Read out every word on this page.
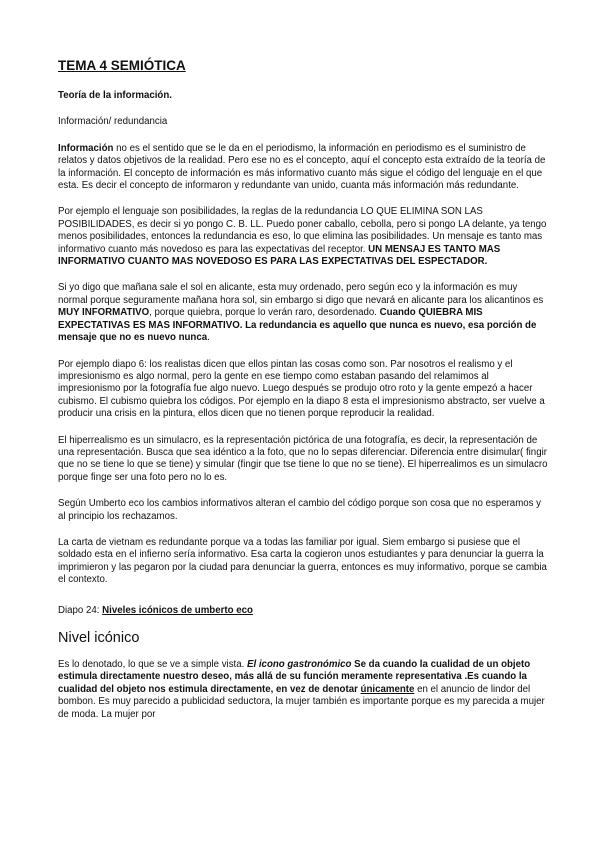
TEMA 4 SEMIÓTICA

Teoría de la información.

Información/ redundancia

Información no es el sentido que se le da en el periodismo, la información en periodismo es el suministro de relatos y datos objetivos de la realidad. Pero ese no es el concepto, aquí el concepto esta extraído de la teoría de la información. El concepto de información es más informativo cuanto más sigue el código del lenguaje en el que esta. Es decir el concepto de informaron y redundante van unido, cuanta más información más redundante.

Por ejemplo el lenguaje son posibilidades, la reglas de la redundancia LO QUE ELIMINA SON LAS POSIBILIDADES, es decir si yo pongo C. B. LL. Puedo poner caballo, cebolla, pero si pongo LA delante, ya tengo menos posibilidades, entonces la redundancia es eso, lo que elimina las posibilidades. Un mensaje es tanto mas informativo cuanto más novedoso es para las expectativas del receptor. UN MENSAJ ES TANTO MAS INFORMATIVO CUANTO MAS NOVEDOSO ES PARA LAS EXPECTATIVAS DEL ESPECTADOR.

Si yo digo que mañana sale el sol en alicante, esta muy ordenado, pero según eco y la información es muy normal porque seguramente mañana hora sol, sin embargo si digo que nevará en alicante para los alicantinos es MUY INFORMATIVO, porque quiebra, porque lo verán raro, desordenado. Cuando QUIEBRA MIS EXPECTATIVAS ES MAS INFORMATIVO. La redundancia es aquello que nunca es nuevo, esa porción de mensaje que no es nuevo nunca.

Por ejemplo diapo 6: los realistas dicen que ellos pintan las cosas como son. Par nosotros el realismo y el impresionismo es algo normal, pero la gente en ese tiempo como estaban pasando del relamimos al impresionismo por la fotografía fue algo nuevo. Luego después se produjo otro roto y la gente empezó a hacer cubismo. El cubismo quiebra los códigos. Por ejemplo en la diapo 8 esta el impresionismo abstracto, ser vuelve a producir una crisis en la pintura, ellos dicen que no tienen porque reproducir la realidad.

El hiperrealismo es un simulacro, es la representación pictórica de una fotografía, es decir, la representación de una representación. Busca que sea idéntico a la foto, que no lo sepas diferenciar. Diferencia entre disimular( fingir que no se tiene lo que se tiene) y simular (fingir que tse tiene lo que no se tiene). El hiperrealimos es un simulacro porque finge ser una foto pero no lo es.

Según Umberto eco los cambios informativos alteran el cambio del código porque son cosa que no esperamos y al principio los rechazamos.

La carta de vietnam es redundante porque va a todas las familiar por igual. Siem embargo si pusiese que el soldado esta en el infierno sería informativo. Esa carta la cogieron unos estudiantes y para denunciar la guerra la imprimieron y las pegaron por la ciudad para denunciar la guerra, entonces es muy informativo, porque se cambia el contexto.

Diapo 24: Niveles icónicos de umberto eco

Nivel icónico

Es lo denotado, lo que se ve a simple vista. El icono gastronómico Se da cuando la cualidad de un objeto estimula directamente nuestro deseo, más allá de su función meramente representativa .Es cuando la cualidad del objeto nos estimula directamente, en vez de denotar únicamente en el anuncio de lindor del bombon. Es muy parecido a publicidad seductora, la mujer también es importante porque es my parecida a mujer de moda. La mujer por
